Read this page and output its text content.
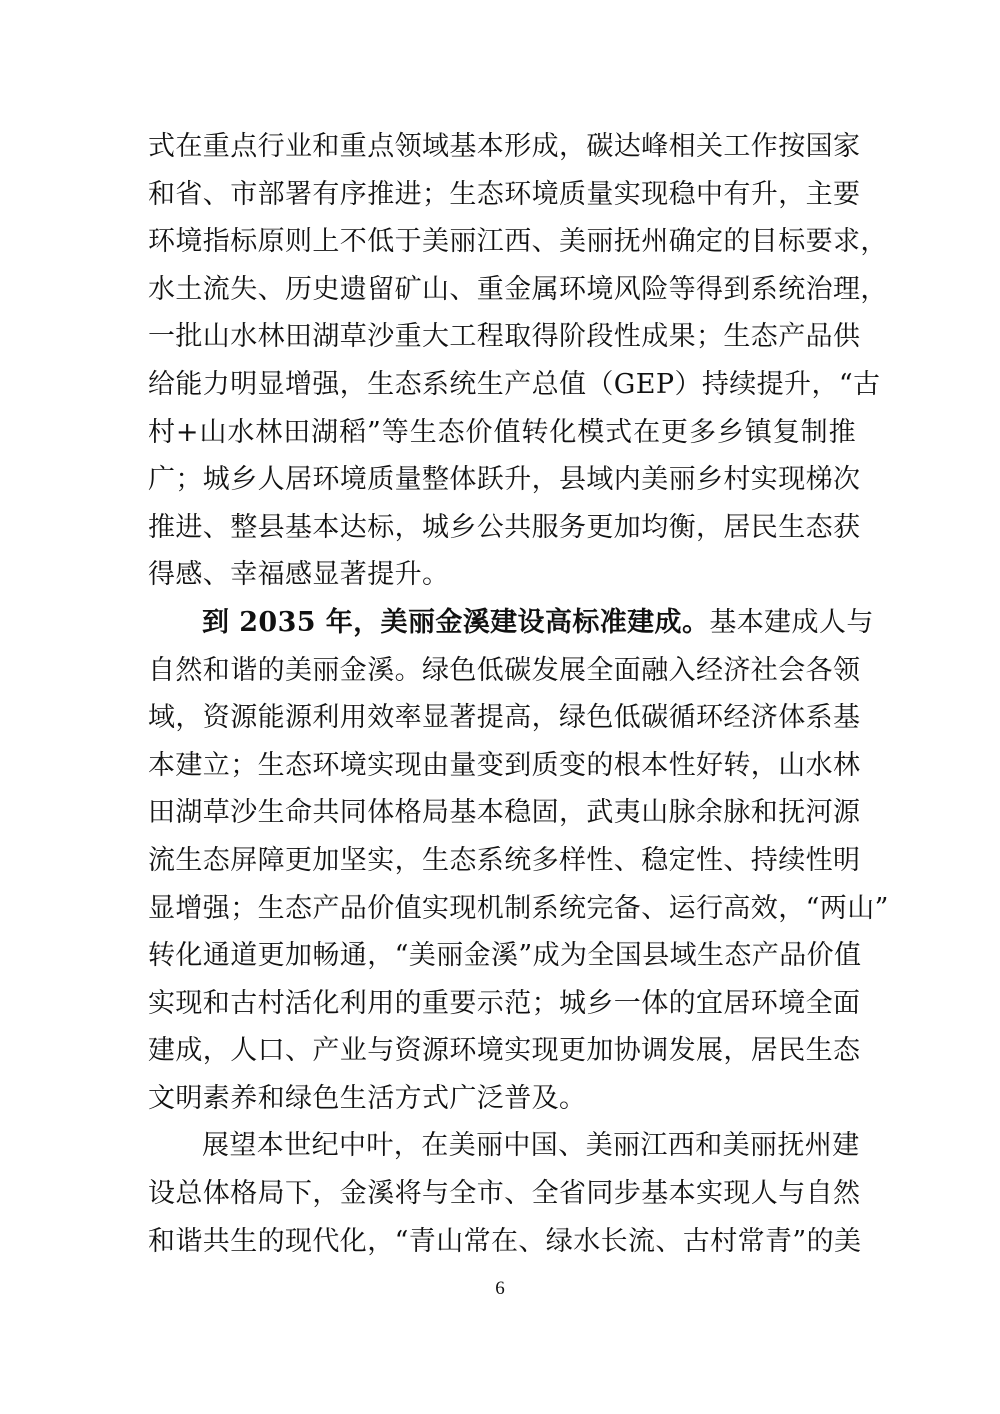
式在重点行业和重点领域基本形成，碳达峰相关工作按国家
和省、市部署有序推进；生态环境质量实现稳中有升，主要
环境指标原则上不低于美丽江西、美丽抚州确定的目标要求，
水土流失、历史遗留矿山、重金属环境风险等得到系统治理，
一批山水林田湖草沙重大工程取得阶段性成果；生态产品供
给能力明显增强，生态系统生产总值（GEP）持续提升，“古
村+山水林田湖稻”等生态价值转化模式在更多乡镇复制推
广；城乡人居环境质量整体跃升，县域内美丽乡村实现梯次
推进、整县基本达标，城乡公共服务更加均衡，居民生态获
得感、幸福感显著提升。
到 2035 年，美丽金溪建设高标准建成。基本建成人与
自然和谐的美丽金溪。绿色低碳发展全面融入经济社会各领
域，资源能源利用效率显著提高，绿色低碳循环经济体系基
本建立；生态环境实现由量变到质变的根本性好转，山水林
田湖草沙生命共同体格局基本稳固，武夷山脉余脉和抚河源
流生态屏障更加坚实，生态系统多样性、稳定性、持续性明
显增强；生态产品价值实现机制系统完备、运行高效，“两山”
转化通道更加畅通，“美丽金溪”成为全国县域生态产品价值
实现和古村活化利用的重要示范；城乡一体的宜居环境全面
建成，人口、产业与资源环境实现更加协调发展，居民生态
文明素养和绿色生活方式广泛普及。
展望本世纪中叶，在美丽中国、美丽江西和美丽抚州建
设总体格局下，金溪将与全市、全省同步基本实现人与自然
和谐共生的现代化，“青山常在、绿水长流、古村常青”的美
6
